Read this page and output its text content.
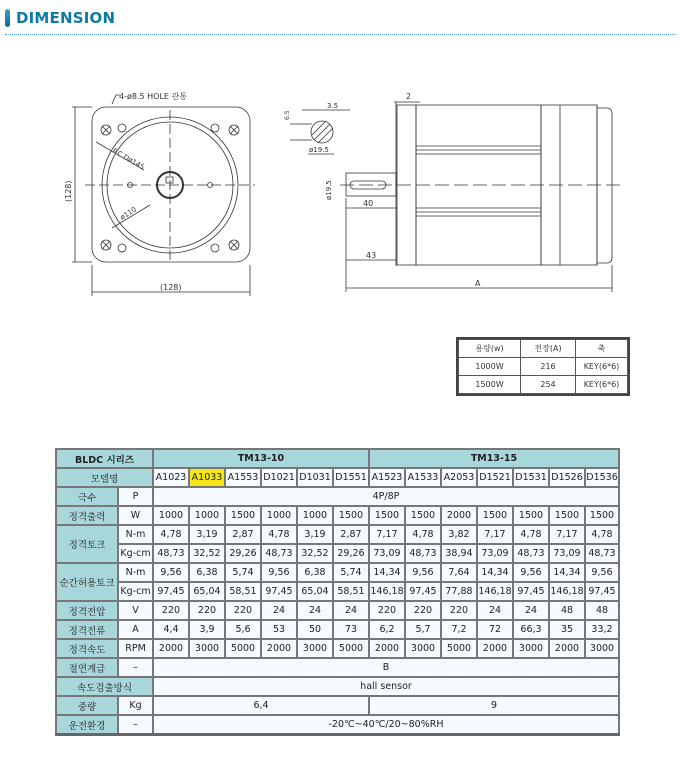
DIMENSION
4-ø8.5 HOLE 관통
P.C.Dø145
ø110
(128)
(128)
3.5
6.5
ø19.5
2
ø19.5
40
43
A
용량(w)	전장(A)	축
1000W	216	KEY(6*6)
1500W	254	KEY(6*6)
BLDC 시리즈		TM13-10						TM13-15						
모델명		A1023	A1033	A1553	D1021	D1031	D1551	A1523	A1533	A2053	D1521	D1531	D1526	D1536
극수	P	4P/8P												
정격출력	W	1000	1000	1500	1000	1000	1500	1500	1500	2000	1500	1500	1500	1500
정격토크	N-m	4,78	3,19	2,87	4,78	3,19	2,87	7,17	4,78	3,82	7,17	4,78	7,17	4,78
	Kg-cm	48,73	32,52	29,26	48,73	32,52	29,26	73,09	48,73	38,94	73,09	48,73	73,09	48,73
순간허용토크	N-m	9,56	6,38	5,74	9,56	6,38	5,74	14,34	9,56	7,64	14,34	9,56	14,34	9,56
	Kg-cm	97,45	65,04	58,51	97,45	65,04	58,51	146,18	97,45	77,88	146,18	97,45	146,18	97,45
정격전압	V	220	220	220	24	24	24	220	220	220	24	24	48	48
정격전류	A	4,4	3,9	5,6	53	50	73	6,2	5,7	7,2	72	66,3	35	33,2
정격속도	RPM	2000	3000	5000	2000	3000	5000	2000	3000	5000	2000	3000	2000	3000
절연계급	–	B												
속도검출방식		hall sensor												
중량	Kg	6,4						9						
운전환경	–	-20℃~40℃/20~80%RH												
